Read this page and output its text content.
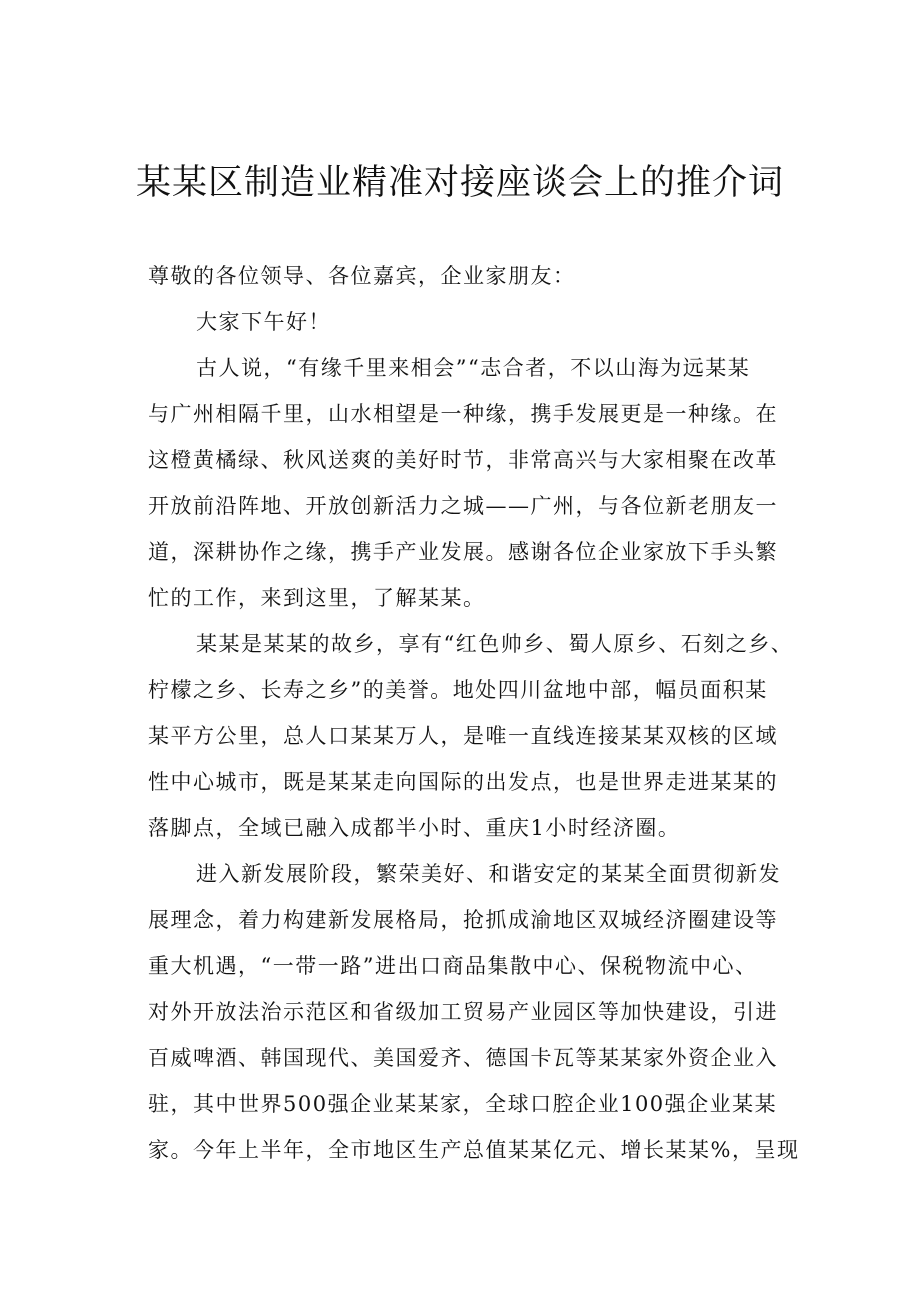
某某区制造业精准对接座谈会上的推介词
尊敬的各位领导、各位嘉宾，企业家朋友：
大家下午好！
古人说，“有缘千里来相会”“志合者，不以山海为远某某
与广州相隔千里，山水相望是一种缘，携手发展更是一种缘。在
这橙黄橘绿、秋风送爽的美好时节，非常高兴与大家相聚在改革
开放前沿阵地、开放创新活力之城——广州，与各位新老朋友一
道，深耕协作之缘，携手产业发展。感谢各位企业家放下手头繁
忙的工作，来到这里，了解某某。
某某是某某的故乡，享有“红色帅乡、蜀人原乡、石刻之乡、
柠檬之乡、长寿之乡”的美誉。地处四川盆地中部，幅员面积某
某平方公里，总人口某某万人，是唯一直线连接某某双核的区域
性中心城市，既是某某走向国际的出发点，也是世界走进某某的
落脚点，全域已融入成都半小时、重庆1小时经济圈。
进入新发展阶段，繁荣美好、和谐安定的某某全面贯彻新发
展理念，着力构建新发展格局，抢抓成渝地区双城经济圈建设等
重大机遇，“一带一路”进出口商品集散中心、保税物流中心、
对外开放法治示范区和省级加工贸易产业园区等加快建设，引进
百威啤酒、韩国现代、美国爱齐、德国卡瓦等某某家外资企业入
驻，其中世界500强企业某某家，全球口腔企业100强企业某某
家。今年上半年，全市地区生产总值某某亿元、增长某某%，呈现
